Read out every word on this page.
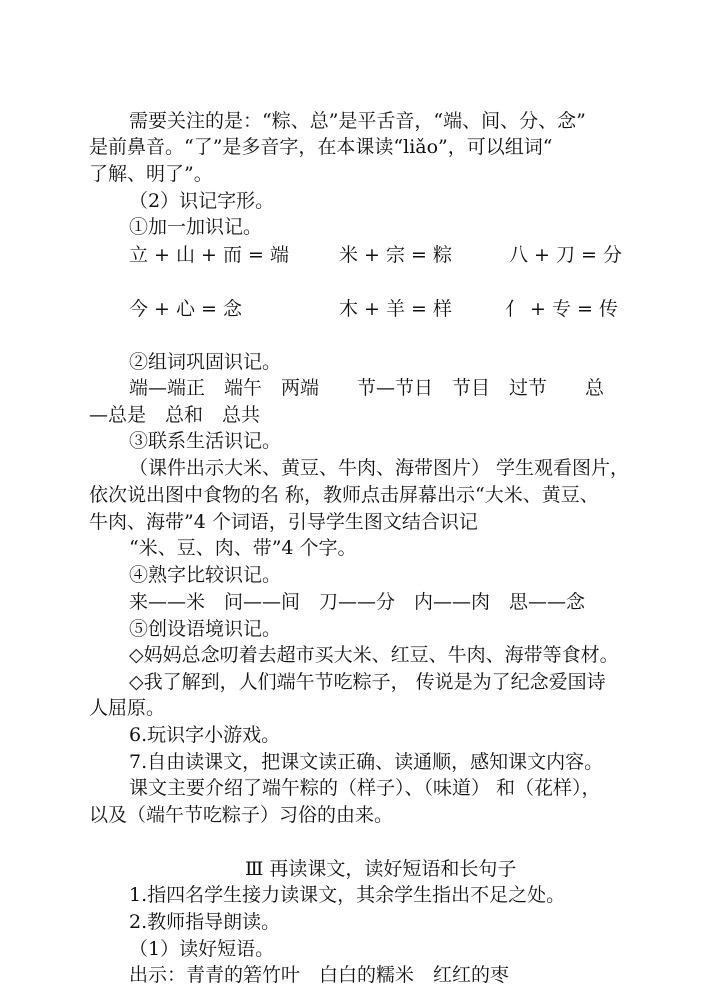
需要关注的是：“粽、总”是平舌音，“端、间、分、念”
是前鼻音。“了”是多音字，在本课读“liǎo”，可以组词“
了解、明了”。
（2）识记字形。
①加一加识记。
立 + 山 + 而 = 端	米 + 宗 = 粽	八 + 刀 = 分
今 + 心 = 念	木 + 羊 = 样	亻 + 专 = 传
②组词巩固识记。
端—端正　端午　两端　　节—节日　节目　过节　　总
—总是　总和　总共
③联系生活识记。
（课件出示大米、黄豆、牛肉、海带图片） 学生观看图片，
依次说出图中食物的名 称，教师点击屏幕出示“大米、黄豆、
牛肉、海带”4 个词语，引导学生图文结合识记
“米、豆、肉、带”4 个字。
④熟字比较识记。
来——米　问——间　刀——分　内——肉　思——念
⑤创设语境识记。
◇妈妈总念叨着去超市买大米、红豆、牛肉、海带等食材。
◇我了解到，人们端午节吃粽子， 传说是为了纪念爱国诗
人屈原。
6.玩识字小游戏。
7.自由读课文，把课文读正确、读通顺，感知课文内容。
课文主要介绍了端午粽的（样子）、（味道） 和（花样），
以及（端午节吃粽子）习俗的由来。
Ⅲ 再读课文，读好短语和长句子
1.指四名学生接力读课文，其余学生指出不足之处。
2.教师指导朗读。
（1）读好短语。
出示：青青的箬竹叶　白白的糯米　红红的枣
